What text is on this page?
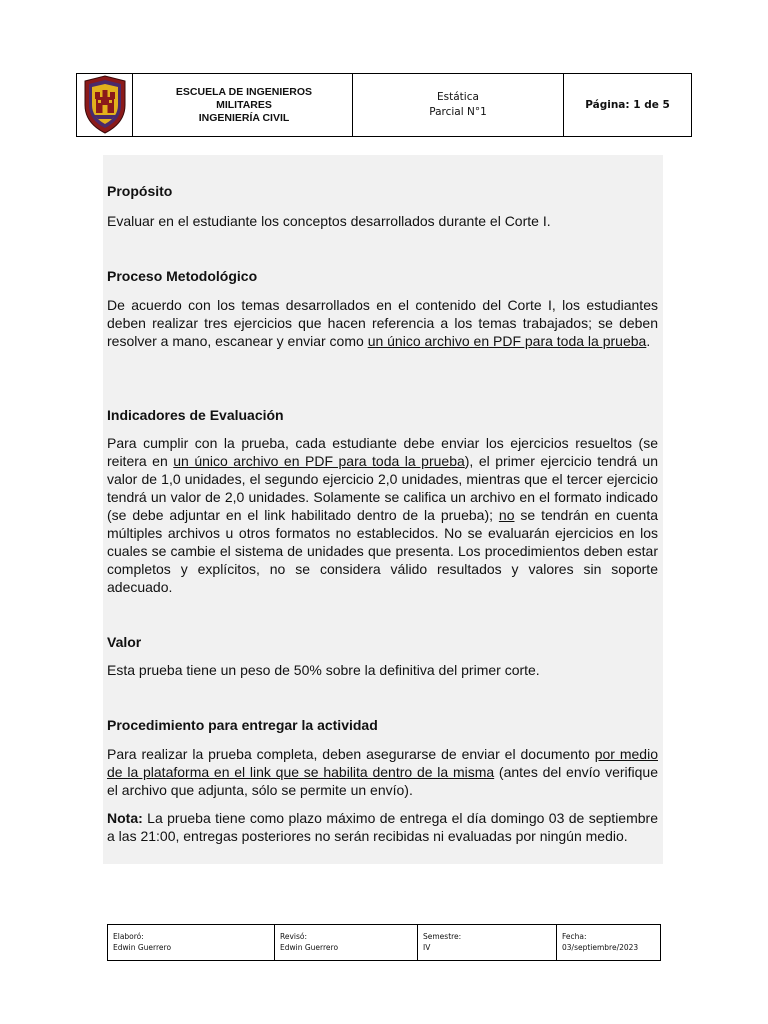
ESCUELA DE INGENIEROS MILITARES
INGENIERÍA CIVIL
Estática
Parcial N°1
Página: 1 de 5
Propósito

Evaluar en el estudiante los conceptos desarrollados durante el Corte I.

Proceso Metodológico

De acuerdo con los temas desarrollados en el contenido del Corte I, los estudiantes deben realizar tres ejercicios que hacen referencia a los temas trabajados; se deben resolver a mano, escanear y enviar como un único archivo en PDF para toda la prueba.

Indicadores de Evaluación

Para cumplir con la prueba, cada estudiante debe enviar los ejercicios resueltos (se reitera en un único archivo en PDF para toda la prueba), el primer ejercicio tendrá un valor de 1,0 unidades, el segundo ejercicio 2,0 unidades, mientras que el tercer ejercicio tendrá un valor de 2,0 unidades. Solamente se califica un archivo en el formato indicado (se debe adjuntar en el link habilitado dentro de la prueba); no se tendrán en cuenta múltiples archivos u otros formatos no establecidos. No se evaluarán ejercicios en los cuales se cambie el sistema de unidades que presenta. Los procedimientos deben estar completos y explícitos, no se considera válido resultados y valores sin soporte adecuado.

Valor

Esta prueba tiene un peso de 50% sobre la definitiva del primer corte.

Procedimiento para entregar la actividad

Para realizar la prueba completa, deben asegurarse de enviar el documento por medio de la plataforma en el link que se habilita dentro de la misma (antes del envío verifique el archivo que adjunta, sólo se permite un envío).

Nota: La prueba tiene como plazo máximo de entrega el día domingo 03 de septiembre a las 21:00, entregas posteriores no serán recibidas ni evaluadas por ningún medio.

Elaboró:
Edwin Guerrero
Revisó:
Edwin Guerrero
Semestre:
IV
Fecha:
03/septiembre/2023
